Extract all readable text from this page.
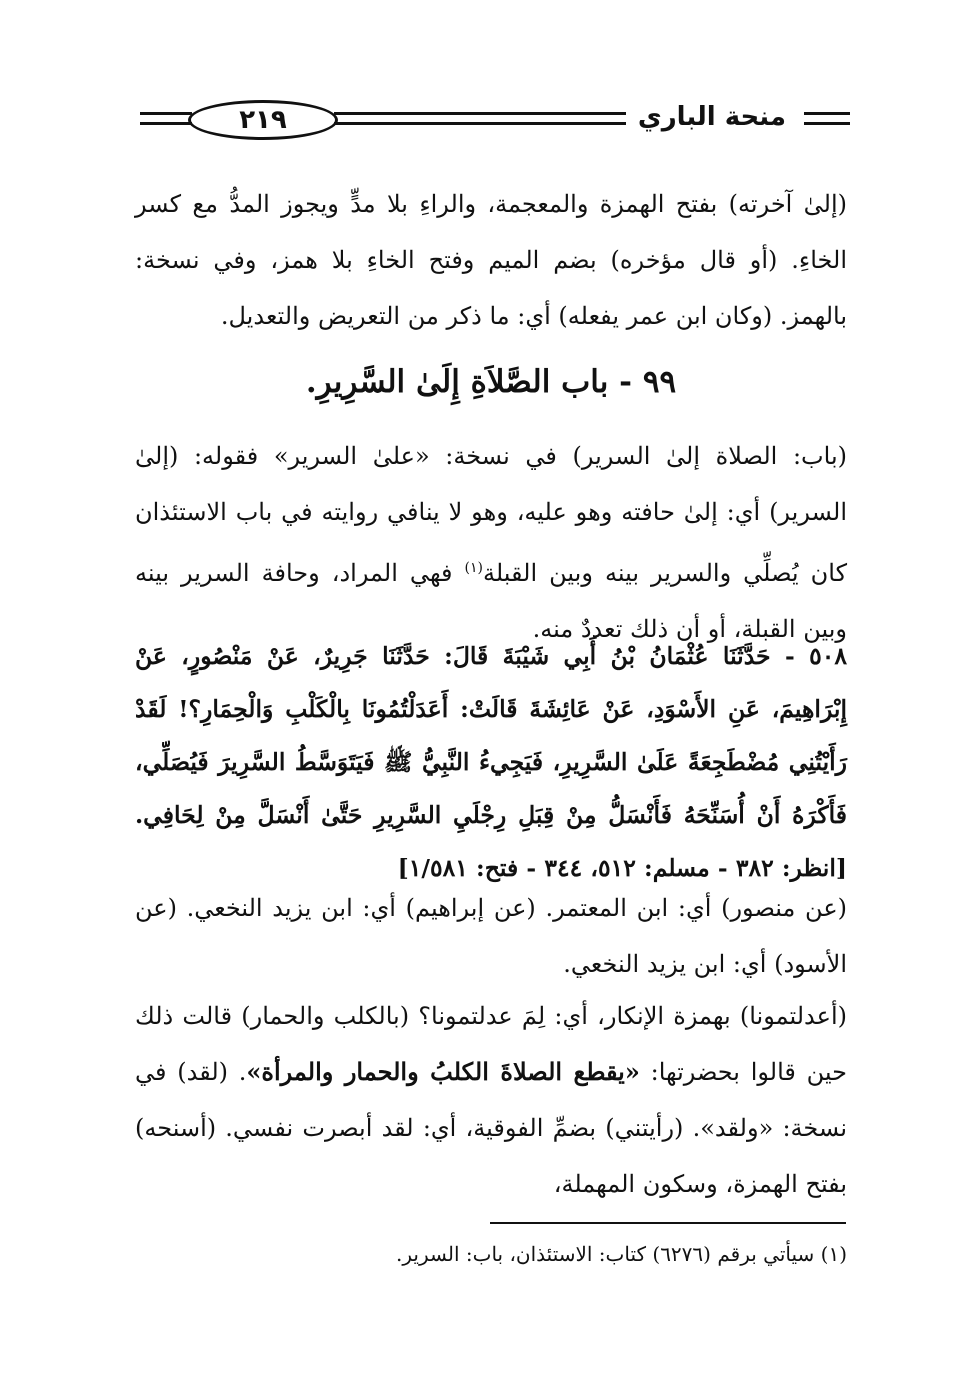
٢١٩	منحة الباري

(إلىٰ آخرته) بفتح الهمزة والمعجمة، والراءِ بلا مدٍّ ويجوز المدُّ مع كسر الخاءِ. (أو قال مؤخره) بضم الميم وفتح الخاءِ بلا همز، وفي نسخة: بالهمز. (وكان ابن عمر يفعله) أي: ما ذكر من التعريض والتعديل.

٩٩ - باب الصَّلاَةِ إِلَىٰ السَّرِيرِ.

(باب: الصلاة إلىٰ السرير) في نسخة: «علىٰ السرير» فقوله: (إلىٰ السرير) أي: إلىٰ حافته وهو عليه، وهو لا ينافي روايته في باب الاستئذان كان يُصلِّي والسرير بينه وبين القبلة$^{(١)}$ فهي المراد، وحافة السرير بينه وبين القبلة، أو أن ذلك تعددٌ منه.

٥٠٨ - حَدَّثَنَا عُثْمَانُ بْنُ أَبِي شَيْبَةَ قَالَ: حَدَّثَنَا جَرِيرٌ، عَنْ مَنْصُورٍ، عَنْ إِبْرَاهِيمَ، عَنِ الأَسْوَدِ، عَنْ عَائِشَةَ قَالَتْ: أَعَدَلْتُمُونَا بِالْكَلْبِ وَالْحِمَارِ؟! لَقَدْ رَأَيْتُنِي مُضْطَجِعَةً عَلَىٰ السَّرِيرِ، فَيَجِيءُ النَّبِيُّ ﷺ فَيَتَوَسَّطُ السَّرِيرَ فَيُصَلِّي، فَأَكْرَهُ أَنْ أُسَنِّحَهُ فَأَنْسَلُّ مِنْ قِبَلِ رِجْلَيِ السَّرِيرِ حَتَّىٰ أَنْسَلَّ مِنْ لِحَافِي. [انظر: ٣٨٢ - مسلم: ٥١٢، ٣٤٤ - فتح: ١/٥٨١]

(عن منصور) أي: ابن المعتمر. (عن إبراهيم) أي: ابن يزيد النخعي. (عن الأسود) أي: ابن يزيد النخعي.

(أعدلتمونا) بهمزة الإنكار، أي: لِمَ عدلتمونا؟ (بالكلب والحمار) قالت ذلك حين قالوا بحضرتها: «يقطع الصلاةَ الكلبُ والحمار والمرأة». (لقد) في نسخة: «ولقد». (رأيتني) بضمِّ الفوقية، أي: لقد أبصرت نفسي. (أسنحه) بفتح الهمزة، وسكون المهملة،

(١) سيأتي برقم (٦٢٧٦) كتاب: الاستئذان، باب: السرير.
